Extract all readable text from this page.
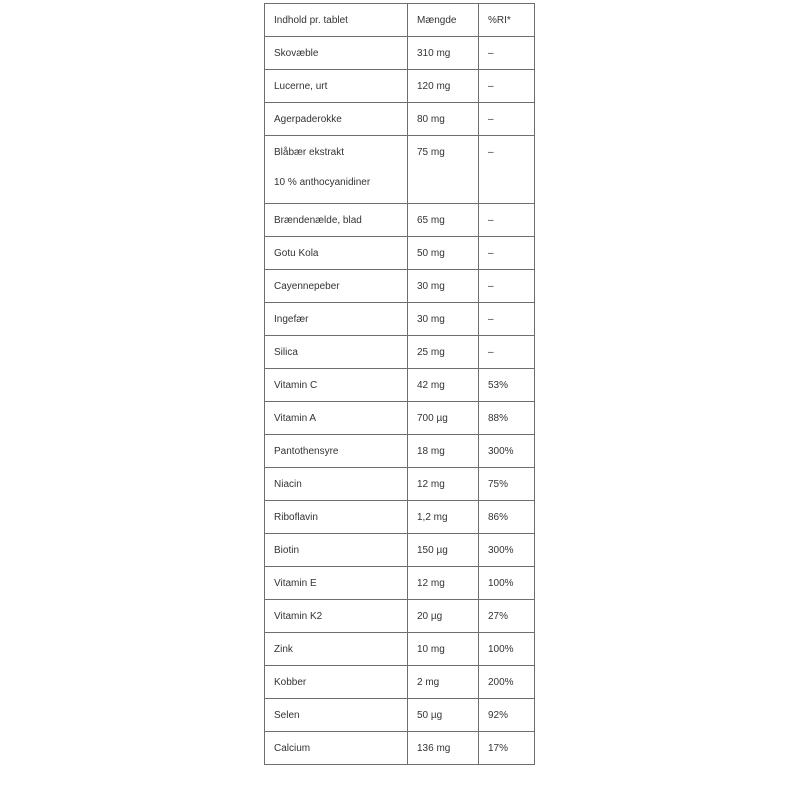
Indhold pr. tablet	Mængde	%RI*

Skovæble	310 mg	–

Lucerne, urt	120 mg	–

Agerpaderokke	80 mg	–

Blåbær ekstrakt
10 % anthocyanidiner	75 mg	–

Brændenælde, blad	65 mg	–

Gotu Kola	50 mg	–

Cayennepeber	30 mg	–

Ingefær	30 mg	–

Silica	25 mg	–

Vitamin C	42 mg	53%

Vitamin A	700 µg	88%

Pantothensyre	18 mg	300%

Niacin	12 mg	75%

Riboflavin	1,2 mg	86%

Biotin	150 µg	300%

Vitamin E	12 mg	100%

Vitamin K2	20 µg	27%

Zink	10 mg	100%

Kobber	2 mg	200%

Selen	50 µg	92%

Calcium	136 mg	17%
